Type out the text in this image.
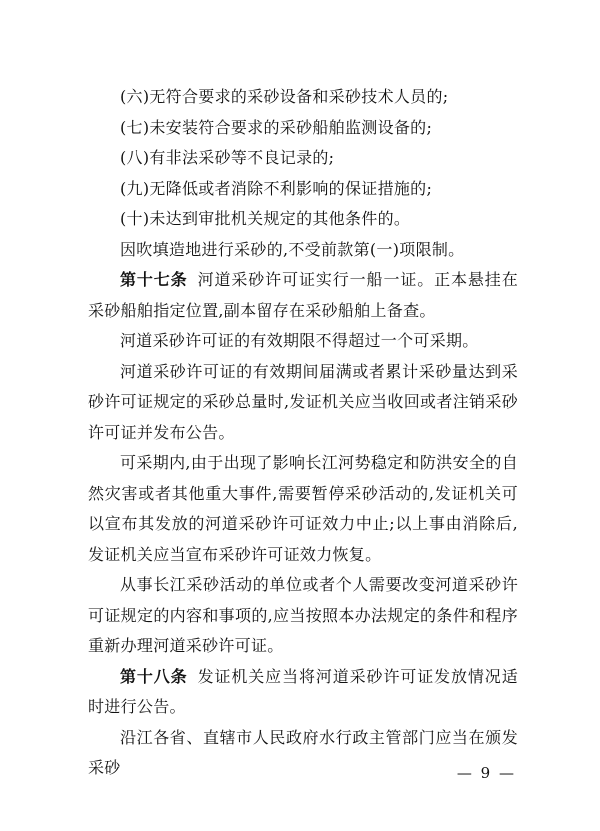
(六)无符合要求的采砂设备和采砂技术人员的;

(七)未安装符合要求的采砂船舶监测设备的;

(八)有非法采砂等不良记录的;

(九)无降低或者消除不利影响的保证措施的;

(十)未达到审批机关规定的其他条件的。

因吹填造地进行采砂的,不受前款第(一)项限制。

第十七条 河道采砂许可证实行一船一证。正本悬挂在采砂船舶指定位置,副本留存在采砂船舶上备查。

河道采砂许可证的有效期限不得超过一个可采期。

河道采砂许可证的有效期间届满或者累计采砂量达到采砂许可证规定的采砂总量时,发证机关应当收回或者注销采砂许可证并发布公告。

可采期内,由于出现了影响长江河势稳定和防洪安全的自然灾害或者其他重大事件,需要暂停采砂活动的,发证机关可以宣布其发放的河道采砂许可证效力中止;以上事由消除后,发证机关应当宣布采砂许可证效力恢复。

从事长江采砂活动的单位或者个人需要改变河道采砂许可证规定的内容和事项的,应当按照本办法规定的条件和程序重新办理河道采砂许可证。

第十八条 发证机关应当将河道采砂许可证发放情况适时进行公告。

沿江各省、直辖市人民政府水行政主管部门应当在颁发采砂	— 9 —
